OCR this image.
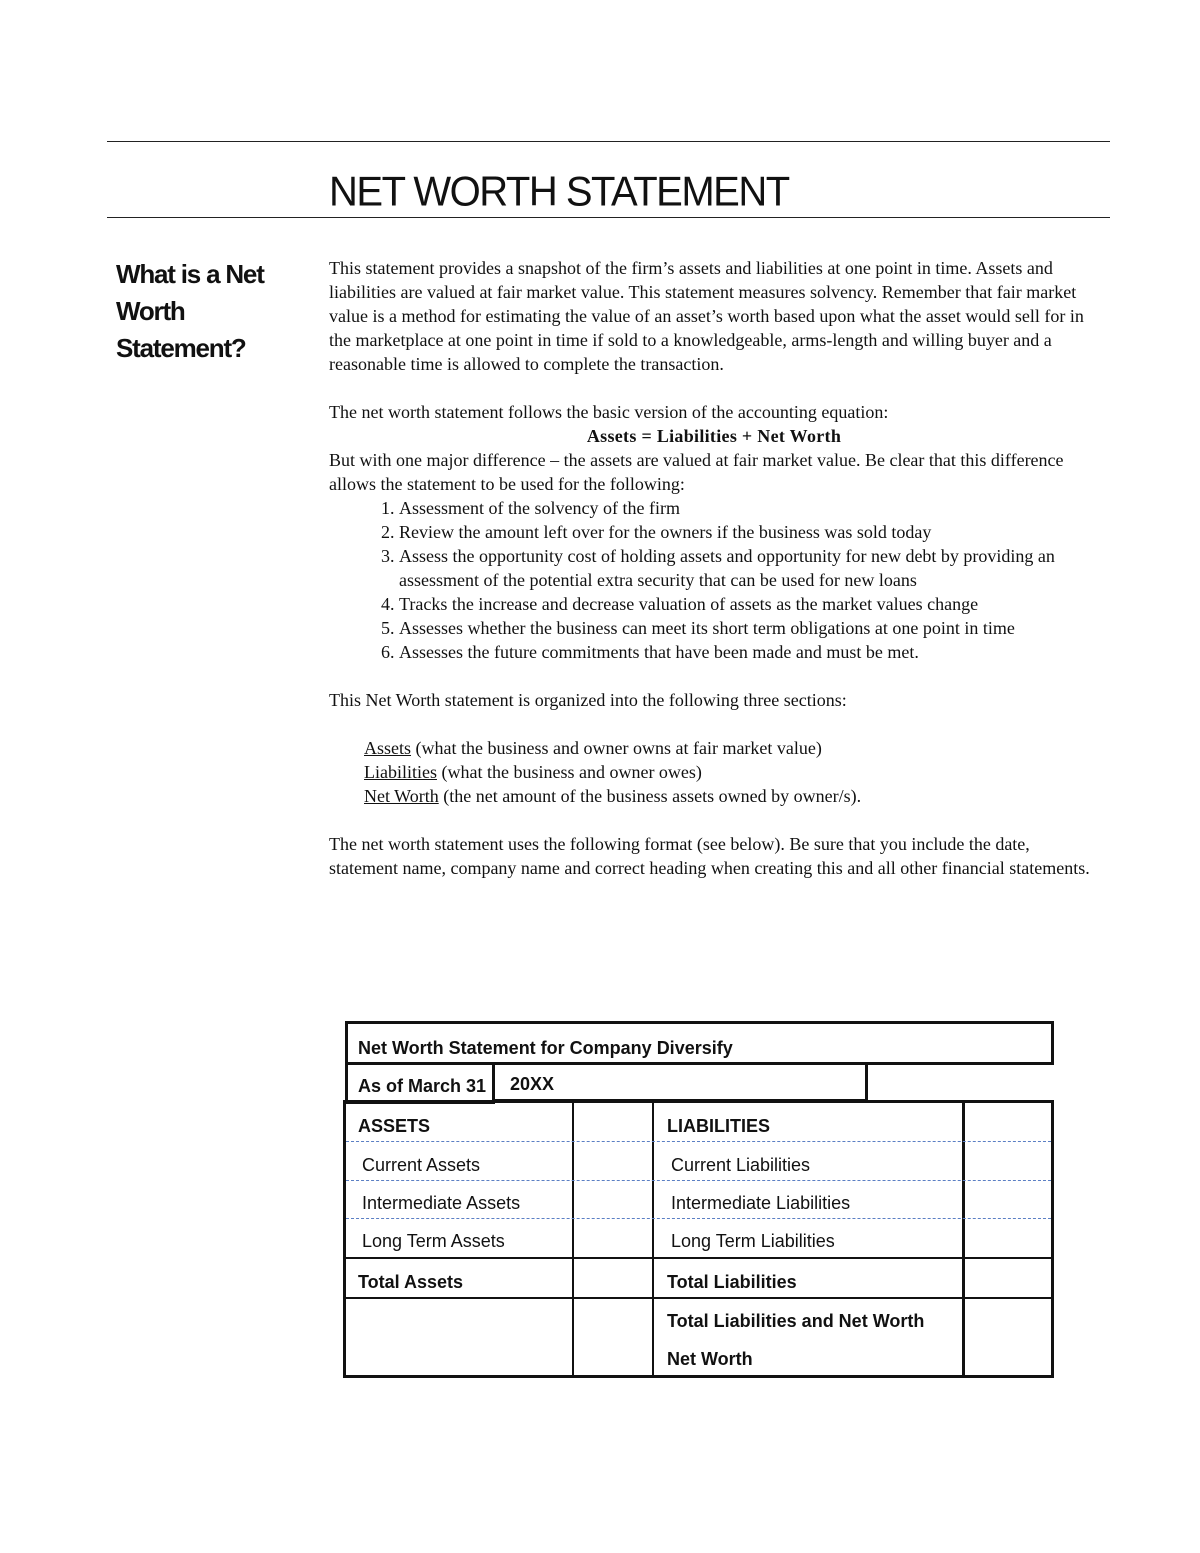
NET WORTH STATEMENT
What is a Net Worth Statement?

This statement provides a snapshot of the firm’s assets and liabilities at one point in time. Assets and liabilities are valued at fair market value. This statement measures solvency. Remember that fair market value is a method for estimating the value of an asset’s worth based upon what the asset would sell for in the marketplace at one point in time if sold to a knowledgeable, arms-length and willing buyer and a reasonable time is allowed to complete the transaction.

The net worth statement follows the basic version of the accounting equation:

Assets = Liabilities + Net Worth

But with one major difference – the assets are valued at fair market value. Be clear that this difference allows the statement to be used for the following:

1. Assessment of the solvency of the firm
2. Review the amount left over for the owners if the business was sold today
3. Assess the opportunity cost of holding assets and opportunity for new debt by providing an assessment of the potential extra security that can be used for new loans
4. Tracks the increase and decrease valuation of assets as the market values change
5. Assesses whether the business can meet its short term obligations at one point in time
6. Assesses the future commitments that have been made and must be met.

This Net Worth statement is organized into the following three sections:

Assets (what the business and owner owns at fair market value)

Liabilities (what the business and owner owes)

Net Worth (the net amount of the business assets owned by owner/s).

The net worth statement uses the following format (see below). Be sure that you include the date, statement name, company name and correct heading when creating this and all other financial statements.

Net Worth Statement for Company Diversify
As of March 31 20XX
ASSETS	LIABILITIES
Current Assets	Current Liabilities
Intermediate Assets	Intermediate Liabilities
Long Term Assets	Long Term Liabilities
Total Assets	Total Liabilities
Total Liabilities and Net Worth
Net Worth
